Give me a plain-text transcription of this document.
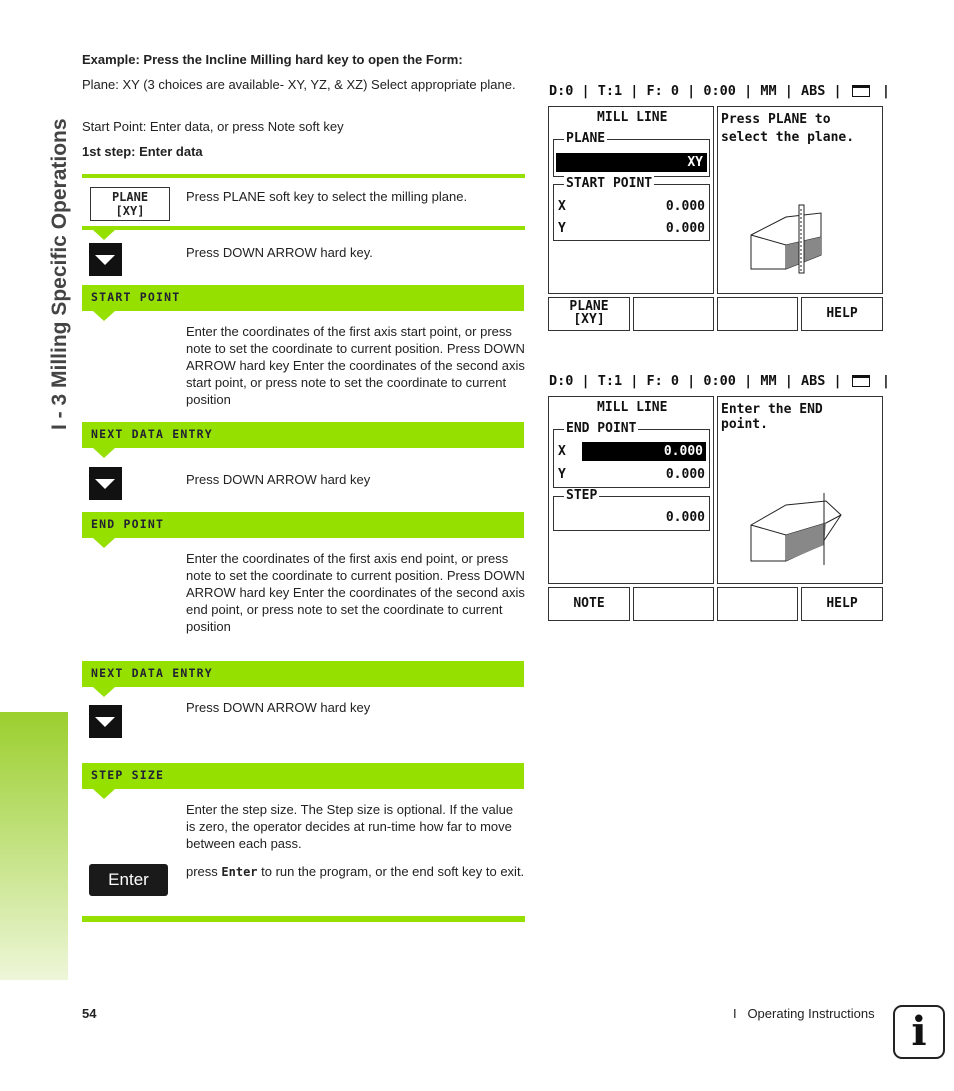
I - 3 Milling Specific Operations
Example: Press the Incline Milling hard key to open the Form:
Plane: XY (3 choices are available- XY, YZ, & XZ) Select appropriate plane.
Start Point: Enter data, or press Note soft key
1st step: Enter data
PLANE
[XY]
Press PLANE soft key to select the milling plane.
Press DOWN ARROW hard key.
START POINT
Enter the coordinates of the first axis start point, or press note to set the coordinate to current position. Press DOWN ARROW hard key Enter the coordinates of the second axis start point, or press note to set the coordinate to current position
NEXT DATA ENTRY
Press DOWN ARROW hard key
END POINT
Enter the coordinates of the first axis end point, or press note to set the coordinate to current position. Press DOWN ARROW hard key Enter the coordinates of the second axis end point, or press note to set the coordinate to current position
NEXT DATA ENTRY
Press DOWN ARROW hard key
STEP SIZE
Enter the step size. The Step size is optional. If the value is zero, the operator decides at run-time how far to move between each pass.
Enter	press Enter to run the program, or the end soft key to exit.
D:0 | T:1 | F: 0 | 0:00 | MM | ABS |	|
MILL LINE
PLANE
XY
START POINT
X	0.000
Y	0.000
Press PLANE to select the plane.
PLANE
[XY]	HELP
D:0 | T:1 | F: 0 | 0:00 | MM | ABS |	|
MILL LINE
END POINT
X	0.000
Y	0.000
STEP
0.000
Enter the END point.
NOTE	HELP
54	I   Operating Instructions i
